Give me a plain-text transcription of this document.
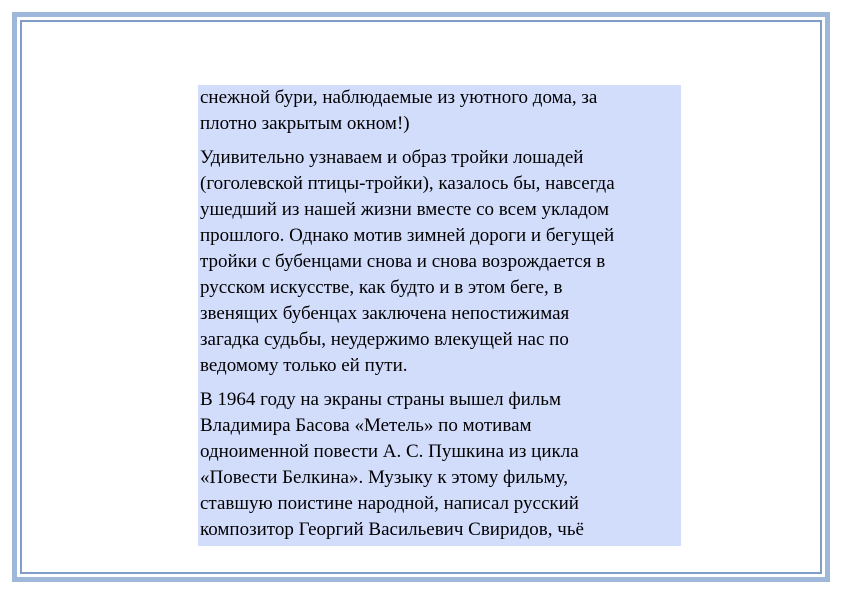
снежной бури, наблюдаемые из уютного дома, за
плотно закрытым окном!)

Удивительно узнаваем и образ тройки лошадей
(гоголевской птицы-тройки), казалось бы, навсегда
ушедший из нашей жизни вместе со всем укладом
прошлого. Однако мотив зимней дороги и бегущей
тройки с бубенцами снова и снова возрождается в
русском искусстве, как будто и в этом беге, в
звенящих бубенцах заключена непостижимая
загадка судьбы, неудержимо влекущей нас по
ведомому только ей пути.

В 1964 году на экраны страны вышел фильм
Владимира Басова «Метель» по мотивам
одноименной повести А. С. Пушкина из цикла
«Повести Белкина». Музыку к этому фильму,
ставшую поистине народной, написал русский
композитор Георгий Васильевич Свиридов, чьё
